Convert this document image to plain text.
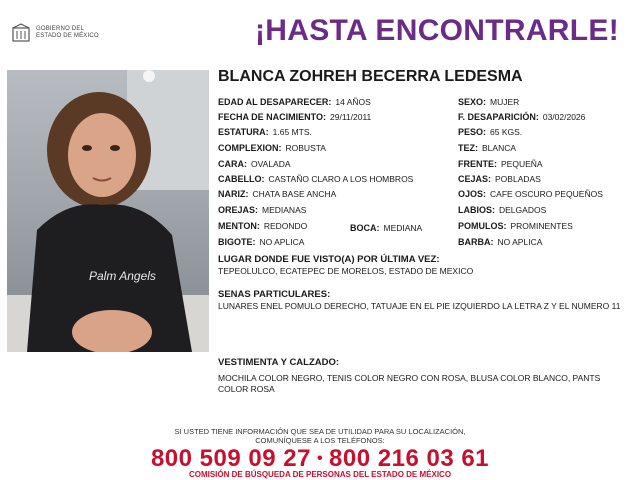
GOBIERNO DEL
ESTADO DE MÉXICO	¡HASTA ENCONTRARLE!
Palm Angels
BLANCA ZOHREH BECERRA LEDESMA
EDAD AL DESAPARECER: 14 AÑOS
FECHA DE NACIMIENTO: 29/11/2011
ESTATURA: 1.65 MTS.
COMPLEXION: ROBUSTA
CARA: OVALADA
CABELLO: CASTAÑO CLARO A LOS HOMBROS
NARIZ: CHATA BASE ANCHA
OREJAS: MEDIANAS
MENTON: REDONDO
BIGOTE: NO APLICA
BOCA: MEDIANA
SEXO: MUJER
F. DESAPARICIÓN: 03/02/2026
PESO: 65 KGS.
TEZ: BLANCA
FRENTE: PEQUEÑA
CEJAS: POBLADAS
OJOS: CAFE OSCURO PEQUEÑOS
LABIOS: DELGADOS
POMULOS: PROMINENTES
BARBA: NO APLICA
LUGAR DONDE FUE VISTO(A) POR ÚLTIMA VEZ:
TEPEOLULCO, ECATEPEC DE MORELOS, ESTADO DE MEXICO
SENAS PARTICULARES:
LUNARES ENEL POMULO DERECHO, TATUAJE EN EL PIE IZQUIERDO LA LETRA Z Y EL NUMERO 11
VESTIMENTA Y CALZADO:
MOCHILA COLOR NEGRO, TENIS COLOR NEGRO CON ROSA, BLUSA COLOR BLANCO, PANTS COLOR ROSA
SI USTED TIENE INFORMACIÓN QUE SEA DE UTILIDAD PARA SU LOCALIZACIÓN,
COMUNÍQUESE A LOS TELÉFONOS:
800 509 09 27 • 800 216 03 61
COMISIÓN DE BÚSQUEDA DE PERSONAS DEL ESTADO DE MÉXICO
